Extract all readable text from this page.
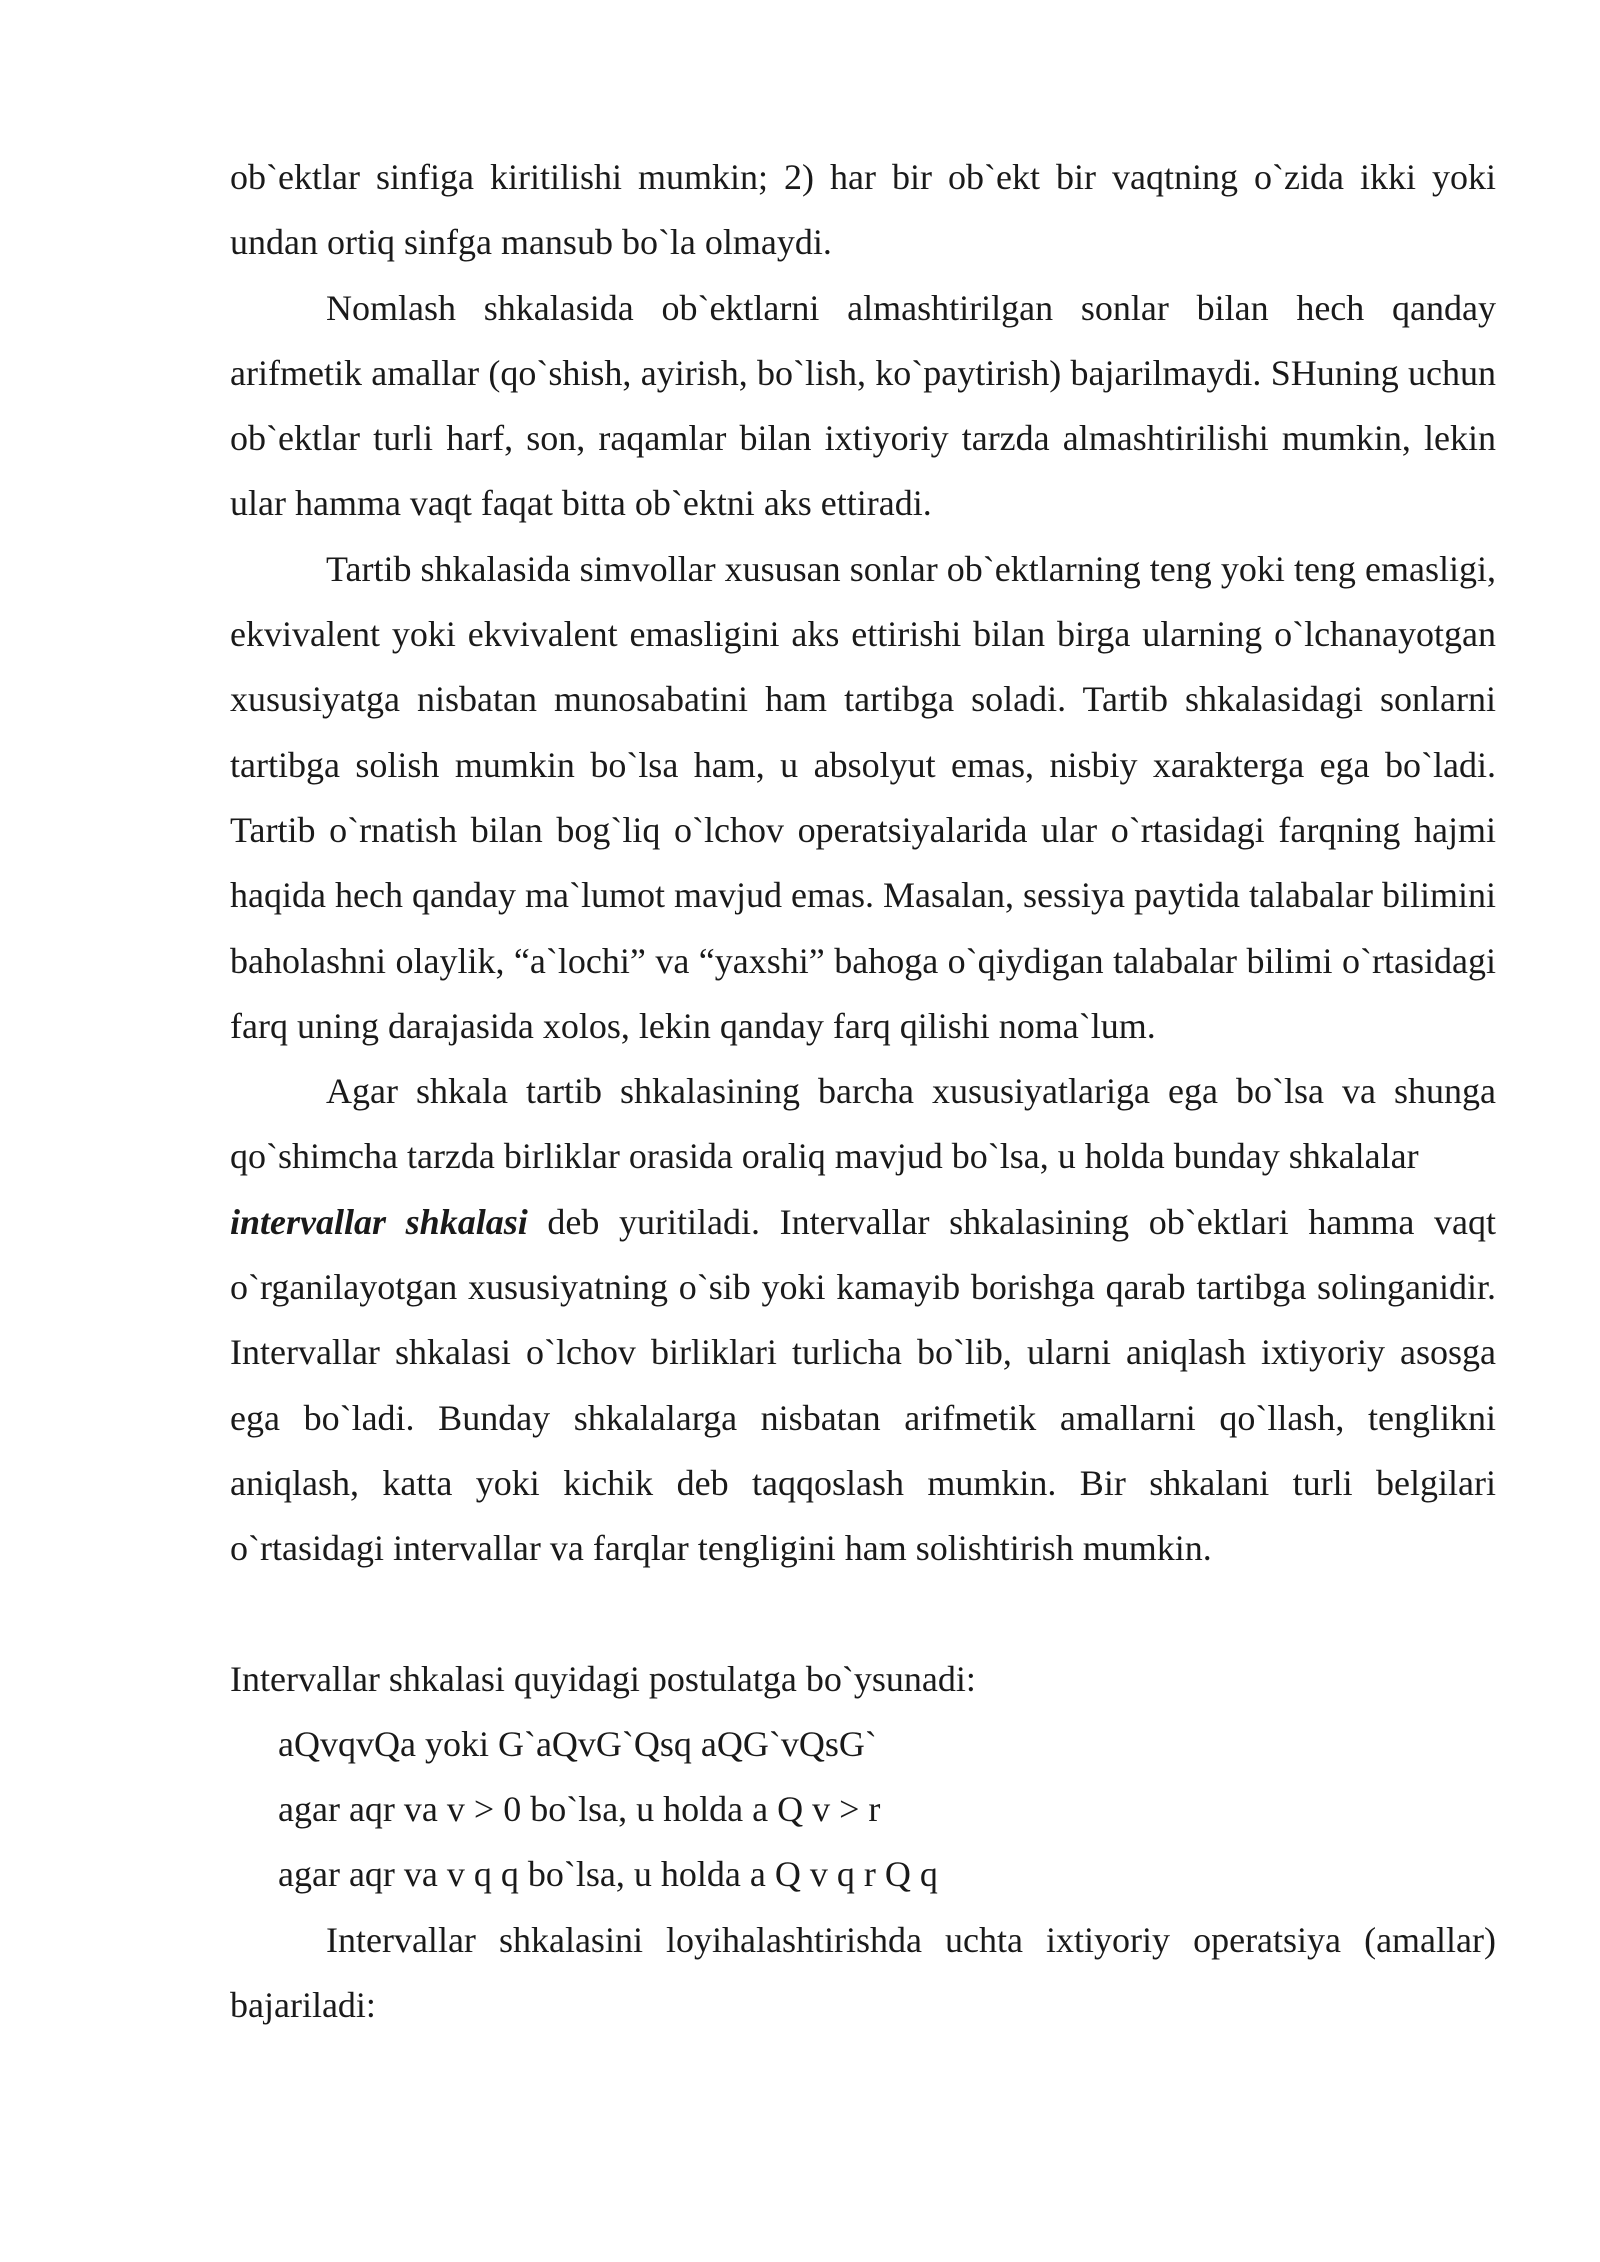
ob`ektlar sinfiga kiritilishi mumkin; 2) har bir ob`ekt bir vaqtning o`zida ikki yoki undan ortiq sinfga mansub bo`la olmaydi.

Nomlash shkalasida ob`ektlarni almashtirilgan sonlar bilan hech qanday arifmetik amallar (qo`shish, ayirish, bo`lish, ko`paytirish) bajarilmaydi. SHuning uchun ob`ektlar turli harf, son, raqamlar bilan ixtiyoriy tarzda almashtirilishi mumkin, lekin ular hamma vaqt faqat bitta ob`ektni aks ettiradi.

Tartib shkalasida simvollar xususan sonlar ob`ektlarning teng yoki teng emasligi, ekvivalent yoki ekvivalent emasligini aks ettirishi bilan birga ularning o`lchanayotgan xususiyatga nisbatan munosabatini ham tartibga soladi. Tartib shkalasidagi sonlarni tartibga solish mumkin bo`lsa ham, u absolyut emas, nisbiy xarakterga ega bo`ladi. Tartib o`rnatish bilan bog`liq o`lchov operatsiyalarida ular o`rtasidagi farqning hajmi haqida hech qanday ma`lumot mavjud emas. Masalan, sessiya paytida talabalar bilimini baholashni olaylik, “a`lochi” va “yaxshi” bahoga o`qiydigan talabalar bilimi o`rtasidagi farq uning darajasida xolos, lekin qanday farq qilishi noma`lum.

Agar shkala tartib shkalasining barcha xususiyatlariga ega bo`lsa va shunga qo`shimcha tarzda birliklar orasida oraliq mavjud bo`lsa, u holda bunday shkalalar
intervallar shkalasi deb yuritiladi. Intervallar shkalasining ob`ektlari hamma vaqt o`rganilayotgan xususiyatning o`sib yoki kamayib borishga qarab tartibga solinganidir. Intervallar shkalasi o`lchov birliklari turlicha bo`lib, ularni aniqlash ixtiyoriy asosga ega bo`ladi. Bunday shkalalarga nisbatan arifmetik amallarni qo`llash, tenglikni aniqlash, katta yoki kichik deb taqqoslash mumkin. Bir shkalani turli belgilari o`rtasidagi intervallar va farqlar tengligini ham solishtirish mumkin.

Intervallar shkalasi quyidagi postulatga bo`ysunadi:

aQvqvQa yoki G`aQvG`Qsq aQG`vQsG`

agar aqr va v > 0 bo`lsa, u holda a Q v > r

agar aqr va v q q bo`lsa, u holda a Q v q r Q q

Intervallar shkalasini loyihalashtirishda uchta ixtiyoriy operatsiya (amallar) bajariladi:
